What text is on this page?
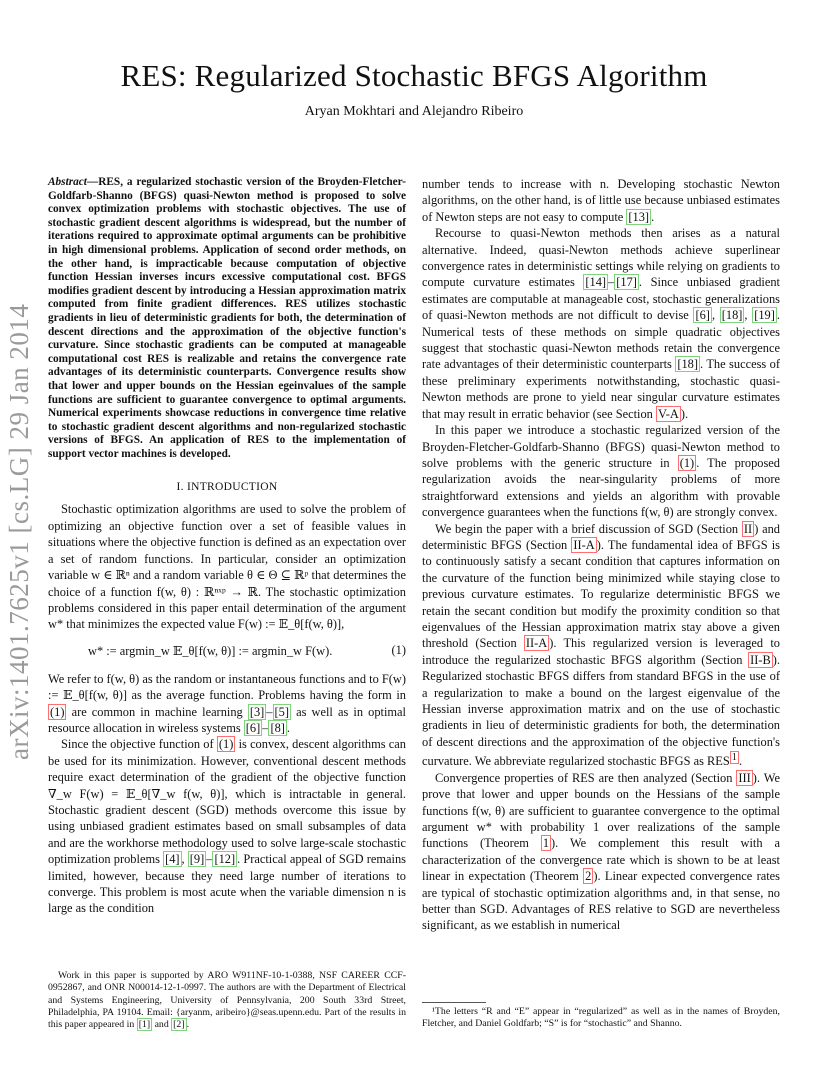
RES: Regularized Stochastic BFGS Algorithm
Aryan Mokhtari and Alejandro Ribeiro
arXiv:1401.7625v1 [cs.LG] 29 Jan 2014

Abstract—RES, a regularized stochastic version of the Broyden-Fletcher-Goldfarb-Shanno (BFGS) quasi-Newton method is proposed to solve convex optimization problems with stochastic objectives. The use of stochastic gradient descent algorithms is widespread, but the number of iterations required to approximate optimal arguments can be prohibitive in high dimensional problems. Application of second order methods, on the other hand, is impracticable because computation of objective function Hessian inverses incurs excessive computational cost. BFGS modifies gradient descent by introducing a Hessian approximation matrix computed from finite gradient differences. RES utilizes stochastic gradients in lieu of deterministic gradients for both, the determination of descent directions and the approximation of the objective function's curvature. Since stochastic gradients can be computed at manageable computational cost RES is realizable and retains the convergence rate advantages of its deterministic counterparts. Convergence results show that lower and upper bounds on the Hessian egeinvalues of the sample functions are sufficient to guarantee convergence to optimal arguments. Numerical experiments showcase reductions in convergence time relative to stochastic gradient descent algorithms and non-regularized stochastic versions of BFGS. An application of RES to the implementation of support vector machines is developed.

I. INTRODUCTION

Stochastic optimization algorithms are used to solve the problem of optimizing an objective function over a set of feasible values in situations where the objective function is defined as an expectation over a set of random functions. In particular, consider an optimization variable w ∈ ℝⁿ and a random variable θ ∈ Θ ⊆ ℝᵖ that determines the choice of a function f(w, θ) : ℝⁿˣᵖ → ℝ. The stochastic optimization problems considered in this paper entail determination of the argument w* that minimizes the expected value F(w) := 𝔼_θ[f(w, θ)],

w* := argmin_w 𝔼_θ[f(w, θ)] := argmin_w F(w).	(1)

We refer to f(w, θ) as the random or instantaneous functions and to F(w) := 𝔼_θ[f(w, θ)] as the average function. Problems having the form in (1) are common in machine learning [3] – [5] as well as in optimal resource allocation in wireless systems [6] – [8] .

Since the objective function of (1) is convex, descent algorithms can be used for its minimization. However, conventional descent methods require exact determination of the gradient of the objective function ∇_w F(w) = 𝔼_θ[∇_w f(w, θ)], which is intractable in general. Stochastic gradient descent (SGD) methods overcome this issue by using unbiased gradient estimates based on small subsamples of data and are the workhorse methodology used to solve large-scale stochastic optimization problems [4] , [9] – [12] . Practical appeal of SGD remains limited, however, because they need large number of iterations to converge. This problem is most acute when the variable dimension n is large as the condition

Work in this paper is supported by ARO W911NF-10-1-0388, NSF CAREER CCF-0952867, and ONR N00014-12-1-0997. The authors are with the Department of Electrical and Systems Engineering, University of Pennsylvania, 200 South 33rd Street, Philadelphia, PA 19104. Email: {aryanm, aribeiro}@seas.upenn.edu. Part of the results in this paper appeared in [1] and [2] .

number tends to increase with n. Developing stochastic Newton algorithms, on the other hand, is of little use because unbiased estimates of Newton steps are not easy to compute [13] .

Recourse to quasi-Newton methods then arises as a natural alternative. Indeed, quasi-Newton methods achieve superlinear convergence rates in deterministic settings while relying on gradients to compute curvature estimates [14] – [17] . Since unbiased gradient estimates are computable at manageable cost, stochastic generalizations of quasi-Newton methods are not difficult to devise [6] , [18] , [19] . Numerical tests of these methods on simple quadratic objectives suggest that stochastic quasi-Newton methods retain the convergence rate advantages of their deterministic counterparts [18] . The success of these preliminary experiments notwithstanding, stochastic quasi-Newton methods are prone to yield near singular curvature estimates that may result in erratic behavior (see Section V-A ).

In this paper we introduce a stochastic regularized version of the Broyden-Fletcher-Goldfarb-Shanno (BFGS) quasi-Newton method to solve problems with the generic structure in (1) . The proposed regularization avoids the near-singularity problems of more straightforward extensions and yields an algorithm with provable convergence guarantees when the functions f(w, θ) are strongly convex.

We begin the paper with a brief discussion of SGD (Section II ) and deterministic BFGS (Section II-A ). The fundamental idea of BFGS is to continuously satisfy a secant condition that captures information on the curvature of the function being minimized while staying close to previous curvature estimates. To regularize deterministic BFGS we retain the secant condition but modify the proximity condition so that eigenvalues of the Hessian approximation matrix stay above a given threshold (Section II-A ). This regularized version is leveraged to introduce the regularized stochastic BFGS algorithm (Section II-B ). Regularized stochastic BFGS differs from standard BFGS in the use of a regularization to make a bound on the largest eigenvalue of the Hessian inverse approximation matrix and on the use of stochastic gradients in lieu of deterministic gradients for both, the determination of descent directions and the approximation of the objective function's curvature. We abbreviate regularized stochastic BFGS as RES $^1$ .

Convergence properties of RES are then analyzed (Section III ). We prove that lower and upper bounds on the Hessians of the sample functions f(w, θ) are sufficient to guarantee convergence to the optimal argument w* with probability 1 over realizations of the sample functions (Theorem 1 ). We complement this result with a characterization of the convergence rate which is shown to be at least linear in expectation (Theorem 2 ). Linear expected convergence rates are typical of stochastic optimization algorithms and, in that sense, no better than SGD. Advantages of RES relative to SGD are nevertheless significant, as we establish in numerical

¹The letters “R and “E” appear in “regularized” as well as in the names of Broyden, Fletcher, and Daniel Goldfarb; “S” is for “stochastic” and Shanno.
